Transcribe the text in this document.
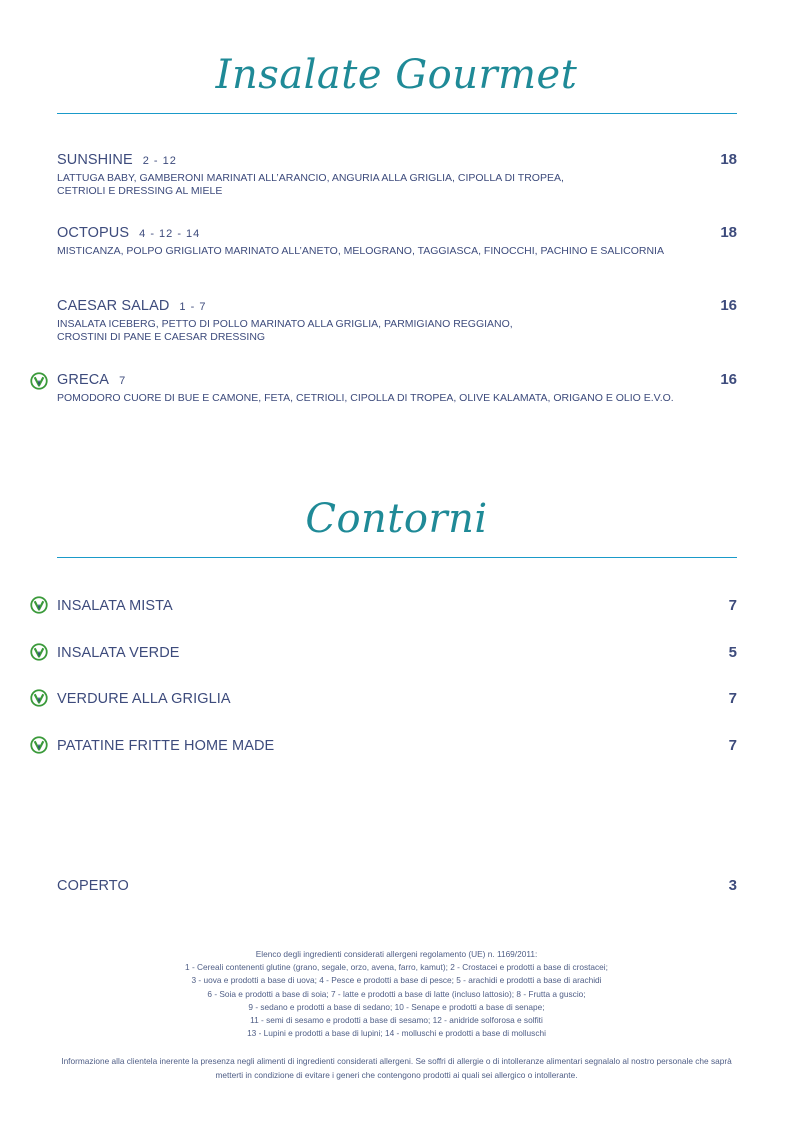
Insalate Gourmet
SUNSHINE 2 - 12	18
LATTUGA BABY, GAMBERONI MARINATI ALL’ARANCIO, ANGURIA ALLA GRIGLIA, CIPOLLA DI TROPEA,
CETRIOLI E DRESSING AL MIELE
OCTOPUS 4 - 12 - 14	18
MISTICANZA, POLPO GRIGLIATO MARINATO ALL’ANETO, MELOGRANO, TAGGIASCA, FINOCCHI, PACHINO E SALICORNIA
CAESAR SALAD 1 - 7	16
INSALATA ICEBERG, PETTO DI POLLO MARINATO ALLA GRIGLIA, PARMIGIANO REGGIANO,
CROSTINI DI PANE E CAESAR DRESSING
GRECA 7	16
POMODORO CUORE DI BUE E CAMONE, FETA, CETRIOLI, CIPOLLA DI TROPEA, OLIVE KALAMATA, ORIGANO E OLIO E.V.O.
Contorni
INSALATA MISTA	7
INSALATA VERDE	5
VERDURE ALLA GRIGLIA	7
PATATINE FRITTE HOME MADE	7
COPERTO	3
Elenco degli ingredienti considerati allergeni regolamento (UE) n. 1169/2011:
1 - Cereali contenenti glutine (grano, segale, orzo, avena, farro, kamut); 2 - Crostacei e prodotti a base di crostacei;
3 - uova e prodotti a base di uova; 4 - Pesce e prodotti a base di pesce; 5 - arachidi e prodotti a base di arachidi
6 - Soia e prodotti a base di soia; 7 - latte e prodotti a base di latte (incluso lattosio); 8 - Frutta a guscio;
9 - sedano e prodotti a base di sedano; 10 - Senape e prodotti a base di senape;
11 - semi di sesamo e prodotti a base di sesamo; 12 - anidride solforosa e solfiti
13 - Lupini e prodotti a base di lupini; 14 - molluschi e prodotti a base di molluschi
Informazione alla clientela inerente la presenza negli alimenti di ingredienti considerati allergeni. Se soffri di allergie o di intolleranze alimentari segnalalo al nostro personale che saprà metterti in condizione di evitare i generi che contengono prodotti ai quali sei allergico o intollerante.
